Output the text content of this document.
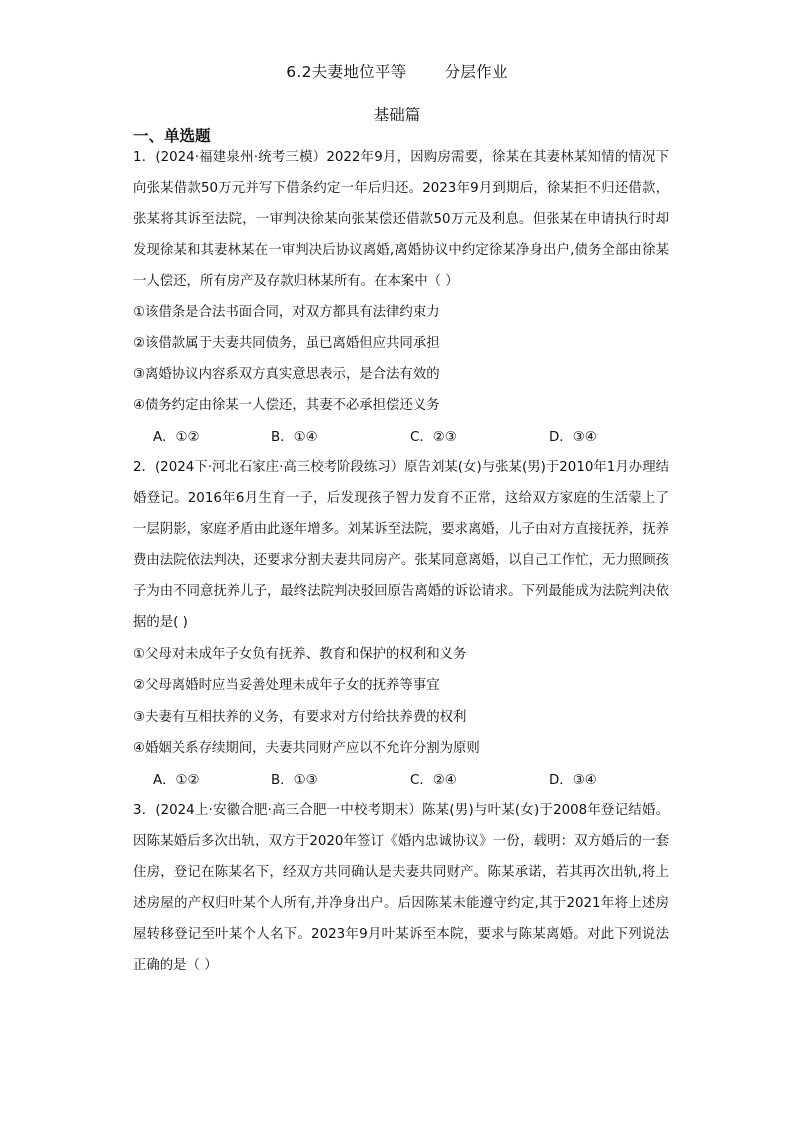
6.2夫妻地位平等 分层作业
基础篇
一、单选题
1．(2024·福建泉州·统考三模）2022年9月，因购房需要，徐某在其妻林某知情的情况下向张某借款50万元并写下借条约定一年后归还。2023年9月到期后，徐某拒不归还借款，张某将其诉至法院，一审判决徐某向张某偿还借款50万元及利息。但张某在申请执行时却发现徐某和其妻林某在一审判决后协议离婚,离婚协议中约定徐某净身出户,债务全部由徐某一人偿还，所有房产及存款归林某所有。在本案中（ ）
①该借条是合法书面合同，对双方都具有法律约束力
②该借款属于夫妻共同债务，虽已离婚但应共同承担
③离婚协议内容系双方真实意思表示，是合法有效的
④债务约定由徐某一人偿还，其妻不必承担偿还义务
A．①②	B．①④	C．②③	D．③④
2．(2024下·河北石家庄·高三校考阶段练习）原告刘某(女)与张某(男)于2010年1月办理结婚登记。2016年6月生育一子，后发现孩子智力发育不正常，这给双方家庭的生活蒙上了一层阴影，家庭矛盾由此逐年增多。刘某诉至法院，要求离婚，儿子由对方直接抚养，抚养费由法院依法判决，还要求分割夫妻共同房产。张某同意离婚，以自己工作忙，无力照顾孩子为由不同意抚养儿子，最终法院判决驳回原告离婚的诉讼请求。下列最能成为法院判决依据的是( )
①父母对未成年子女负有抚养、教育和保护的权利和义务
②父母离婚时应当妥善处理未成年子女的抚养等事宜
③夫妻有互相扶养的义务，有要求对方付给扶养费的权利
④婚姻关系存续期间，夫妻共同财产应以不允许分割为原则
A．①②	B．①③	C．②④	D．③④
3．(2024上·安徽合肥·高三合肥一中校考期末）陈某(男)与叶某(女)于2008年登记结婚。因陈某婚后多次出轨，双方于2020年签订《婚内忠诚协议》一份，载明：双方婚后的一套住房，登记在陈某名下，经双方共同确认是夫妻共同财产。陈某承诺，若其再次出轨,将上述房屋的产权归叶某个人所有,并净身出户。后因陈某未能遵守约定,其于2021年将上述房屋转移登记至叶某个人名下。2023年9月叶某诉至本院，要求与陈某离婚。对此下列说法正确的是（ ）
